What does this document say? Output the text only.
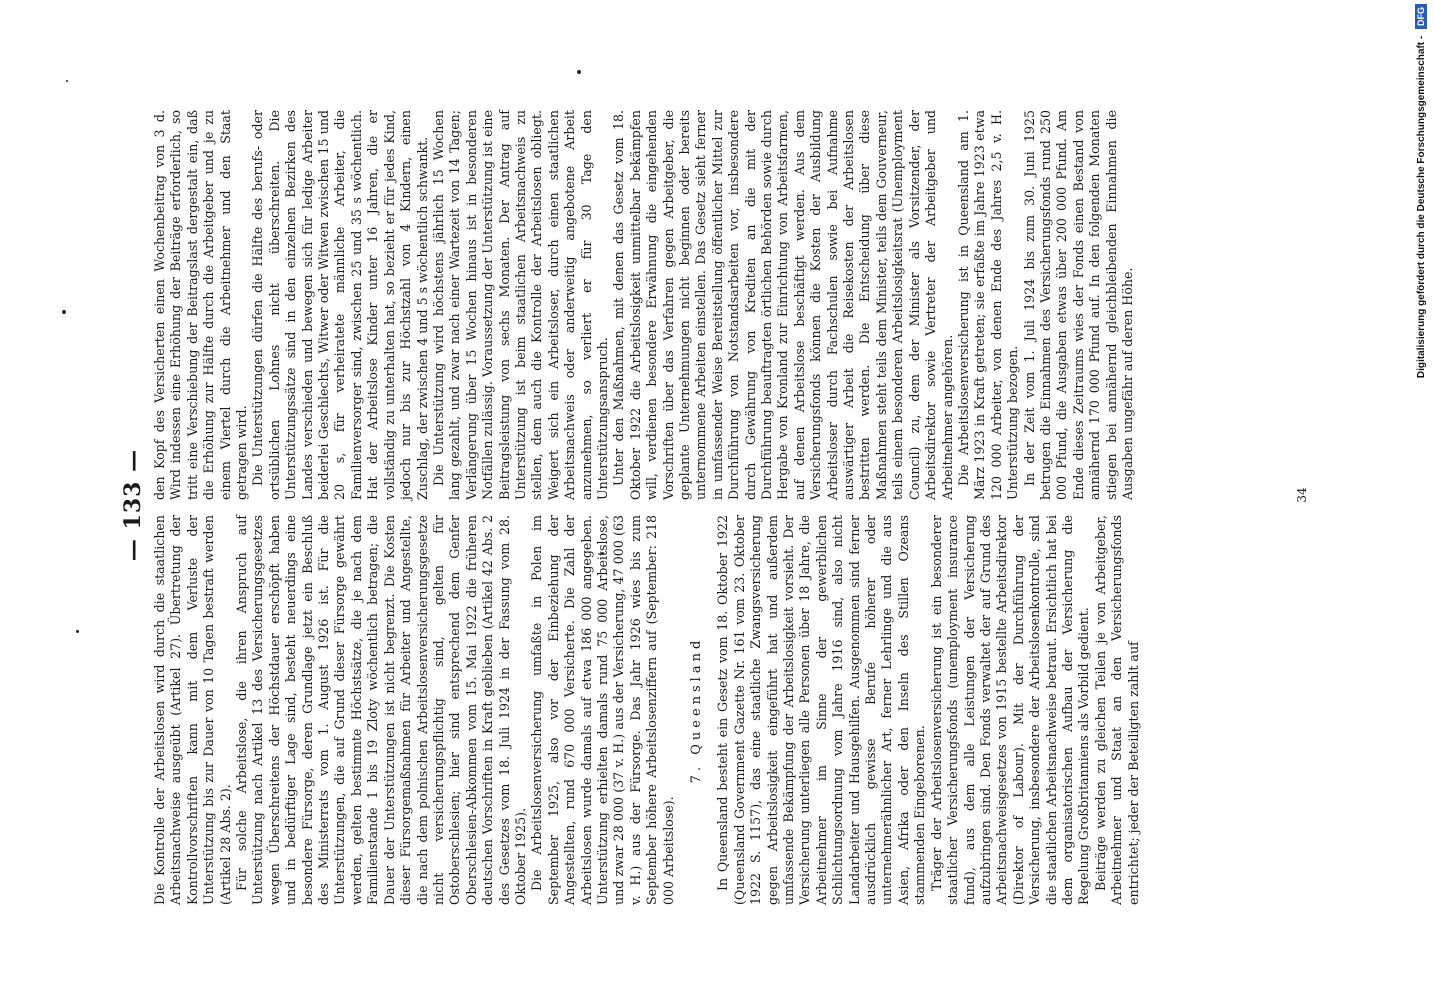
— 133 —

Die Kontrolle der Arbeitslosen wird durch die staatlichen Arbeitsnachweise ausgeübt (Artikel 27). Übertretung der Kontrollvorschriften kann mit dem Verluste der Unterstützung bis zur Dauer von 10 Tagen bestraft werden (Artikel 28 Abs. 2). Für solche Arbeitslose, die ihren Anspruch auf Unterstützung nach Artikel 13 des Versicherungsgesetzes wegen Überschreitens der Höchstdauer erschöpft haben und in bedürftiger Lage sind, besteht neuerdings eine besondere Fürsorge, deren Grundlage jetzt ein Beschluß des Ministerrats vom 1. August 1926 ist. Für die Unterstützungen, die auf Grund dieser Fürsorge gewährt werden, gelten bestimmte Höchstsätze, die je nach dem Familienstande 1 bis 19 Zloty wöchentlich betragen; die Dauer der Unterstützungen ist nicht begrenzt. Die Kosten dieser Fürsorgemaßnahmen für Arbeiter und Angestellte, die nach dem polnischen Arbeitslosenversicherungsgesetze nicht versicherungspflichtig sind, gelten für Ostoberschlesien; hier sind entsprechend dem Genfer Oberschlesien-Abkommen vom 15. Mai 1922 die früheren deutschen Vorschriften in Kraft geblieben (Artikel 42 Abs. 2 des Gesetzes vom 18. Juli 1924 in der Fassung vom 28. Oktober 1925). Die Arbeitslosenversicherung umfaßte in Polen im September 1925, also vor der Einbeziehung der Angestellten, rund 670 000 Versicherte. Die Zahl der Arbeitslosen wurde damals auf etwa 186 000 angegeben. Unterstützung erhielten damals rund 75 000 Arbeitslose, und zwar 28 000 (37 v. H.) aus der Versicherung, 47 000 (63 v. H.) aus der Fürsorge. Das Jahr 1926 wies bis zum September höhere Arbeitslosenziffern auf (September: 218 000 Arbeitslose).

7. Queensland In Queensland besteht ein Gesetz vom 18. Oktober 1922 (Queensland Government Gazette Nr. 161 vom 23. Oktober 1922 S. 1157), das eine staatliche Zwangsversicherung gegen Arbeitslosigkeit eingeführt hat und außerdem umfassende Bekämpfung der Arbeitslosigkeit vorsieht. Der Versicherung unterliegen alle Personen über 18 Jahre, die Arbeitnehmer im Sinne der gewerblichen Schlichtungsordnung vom Jahre 1916 sind, also nicht Landarbeiter und Hausgehilfen. Ausgenommen sind ferner ausdrücklich gewisse Berufe höherer oder unternehmerähnlicher Art, ferner Lehrlinge und die aus Asien, Afrika oder den Inseln des Stillen Ozeans stammenden Eingeborenen. Träger der Arbeitslosenversicherung ist ein besonderer staatlicher Versicherungsfonds (unemployment insurance fund), aus dem alle Leistungen der Versicherung aufzubringen sind. Den Fonds verwaltet der auf Grund des Arbeitsnachweisgesetzes von 1915 bestellte Arbeitsdirektor (Direktor of Labour). Mit der Durchführung der Versicherung, insbesondere der Arbeitslosenkontrolle, sind die staatlichen Arbeitsnachweise betraut. Ersichtlich hat bei dem organisatorischen Aufbau der Versicherung die Regelung Großbritanniens als Vorbild gedient. Beiträge werden zu gleichen Teilen je von Arbeitgeber, Arbeitnehmer und Staat an den Versicherungsfonds entrichtet; jeder der Beteiligten zahlt auf

den Kopf des Versicherten einen Wochenbeitrag von 3 d. Wird indessen eine Erhöhung der Beiträge erforderlich, so tritt eine Verschiebung der Beitragslast dergestalt ein, daß die Erhöhung zur Hälfte durch die Arbeitgeber und je zu einem Viertel durch die Arbeitnehmer und den Staat getragen wird. Die Unterstützungen dürfen die Hälfte des berufs- oder ortsüblichen Lohnes nicht überschreiten. Die Unterstützungssätze sind in den einzelnen Bezirken des Landes verschieden und bewegen sich für ledige Arbeiter beiderlei Geschlechts, Witwer oder Witwen zwischen 15 und 20 s, für verheiratete männliche Arbeiter, die Familienversorger sind, zwischen 25 und 35 s wöchentlich. Hat der Arbeitslose Kinder unter 16 Jahren, die er vollständig zu unterhalten hat, so bezieht er für jedes Kind, jedoch nur bis zur Höchstzahl von 4 Kindern, einen Zuschlag, der zwischen 4 und 5 s wöchentlich schwankt. Die Unterstützung wird höchstens jährlich 15 Wochen lang gezahlt, und zwar nach einer Wartezeit von 14 Tagen; Verlängerung über 15 Wochen hinaus ist in besonderen Notfällen zulässig. Voraussetzung der Unterstützung ist eine Beitragsleistung von sechs Monaten. Der Antrag auf Unterstützung ist beim staatlichen Arbeitsnachweis zu stellen, dem auch die Kontrolle der Arbeitslosen obliegt. Weigert sich ein Arbeitsloser, durch einen staatlichen Arbeitsnachweis oder anderweitig angebotene Arbeit anzunehmen, so verliert er für 30 Tage den Unterstützungsanspruch. Unter den Maßnahmen, mit denen das Gesetz vom 18. Oktober 1922 die Arbeitslosigkeit unmittelbar bekämpfen will, verdienen besondere Erwähnung die eingehenden Vorschriften über das Verfahren gegen Arbeitgeber, die geplante Unternehmungen nicht beginnen oder bereits unternommene Arbeiten einstellen. Das Gesetz sieht ferner in umfassender Weise Bereitstellung öffentlicher Mittel zur Durchführung von Notstandsarbeiten vor, insbesondere durch Gewährung von Krediten an die mit der Durchführung beauftragten örtlichen Behörden sowie durch Hergabe von Kronland zur Einrichtung von Arbeitsfarmen, auf denen Arbeitslose beschäftigt werden. Aus dem Versicherungsfonds können die Kosten der Ausbildung Arbeitsloser durch Fachschulen sowie bei Aufnahme auswärtiger Arbeit die Reisekosten der Arbeitslosen bestritten werden. Die Entscheidung über diese Maßnahmen steht teils dem Minister, teils dem Gouverneur, teils einem besonderen Arbeitslosigkeitsrat (Unemployment Council) zu, dem der Minister als Vorsitzender, der Arbeitsdirektor sowie Vertreter der Arbeitgeber und Arbeitnehmer angehören. Die Arbeitslosenversicherung ist in Queensland am 1. März 1923 in Kraft getreten; sie erfaßte im Jahre 1923 etwa 120 000 Arbeiter, von denen Ende des Jahres 2,5 v. H. Unterstützung bezogen. In der Zeit vom 1. Juli 1924 bis zum 30. Juni 1925 betrugen die Einnahmen des Versicherungsfonds rund 250 000 Pfund, die Ausgaben etwas über 200 000 Pfund. Am Ende dieses Zeitraums wies der Fonds einen Bestand von annähernd 170 000 Pfund auf. In den folgenden Monaten stiegen bei annähernd gleichbleibenden Einnahmen die Ausgaben ungefähr auf deren Höhe.	34
Digitalisierung gefördert durch die Deutsche Forschungsgemeinschaft - DFG
